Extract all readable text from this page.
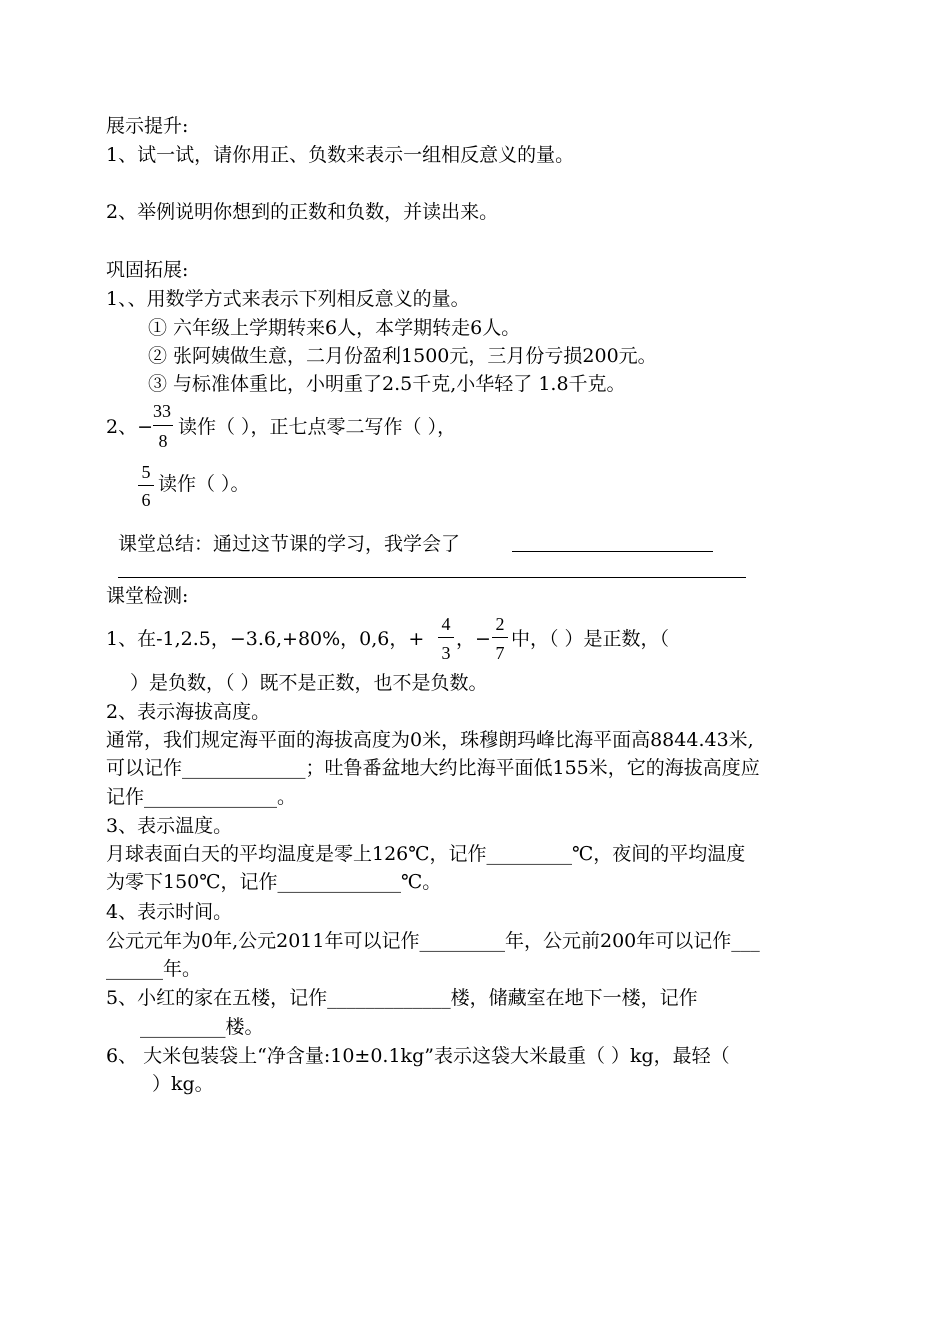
展示提升:
1、试一试，请你用正、负数来表示一组相反意义的量。
2、举例说明你想到的正数和负数，并读出来。
巩固拓展:
1、、用数学方式来表示下列相反意义的量。
① 六年级上学期转来6人，本学期转走6人。
② 张阿姨做生意，二月份盈利1500元，三月份亏损200元。
③ 与标准体重比，小明重了2.5千克,小华轻了 1.8千克。
2、−
33
8
读作（ ），正七点零二写作（ ），
5
6
读作（ ）。
课堂总结：通过这节课的学习，我学会了
课堂检测:
1、在-1,2.5，−3.6,+80%，0,6，+
4
3
，−
2
7
中，（ ）是正数，（
）是负数，（ ）既不是正数，也不是负数。
2、表示海拔高度。
通常，我们规定海平面的海拔高度为0米，珠穆朗玛峰比海平面高8844.43米,
可以记作_____________；吐鲁番盆地大约比海平面低155米，它的海拔高度应
记作______________。
3、表示温度。
月球表面白天的平均温度是零上126℃，记作_________℃，夜间的平均温度
为零下150℃，记作_____________℃。
4、表示时间。
公元元年为0年,公元2011年可以记作_________年，公元前200年可以记作___
______年。
5、小红的家在五楼，记作_____________楼，储藏室在地下一楼，记作
_________楼。
6、 大米包装袋上“净含量:10±0.1kg”表示这袋大米最重（ ）kg，最轻（
）kg。
